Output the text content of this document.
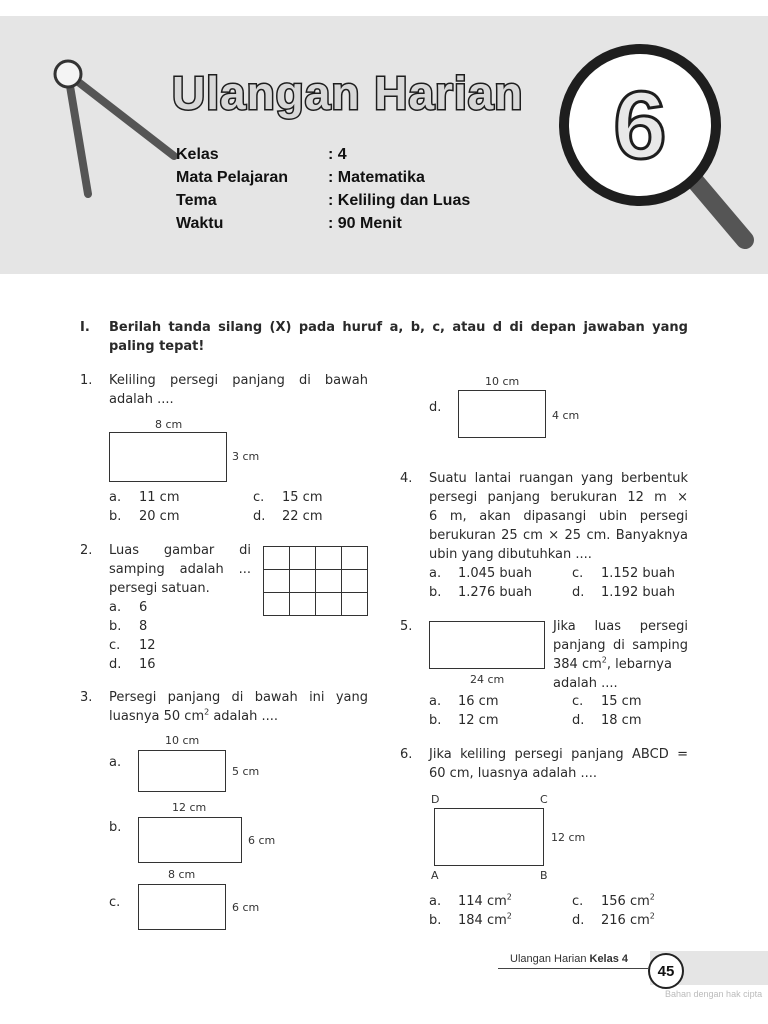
Ulangan Harian 6
Kelas	: 4
Mata Pelajaran : Matematika
Tema	: Keliling dan Luas
Waktu	: 90 Menit
I. Berilah tanda silang (X) pada huruf a, b, c, atau d di depan jawaban yang
paling tepat!
1. Keliling persegi panjang di bawah
adalah ....
8 cm
3 cm
a. 11 cm
b. 20 cm
c. 15 cm
d. 22 cm
2. Luas gambar di
samping adalah ...
persegi satuan.

a. 6
b. 8
c. 12
d. 16
3. Persegi panjang di bawah ini yang
luasnya 50 $cm^2$ adalah ....
a.
10 cm
5 cm
b.
12 cm
6 cm
c.
8 cm
6 cm
10 cm
d.
4 cm
4. Suatu lantai ruangan yang berbentuk
persegi panjang berukuran 12 m ×
6 m, akan dipasangi ubin persegi
berukuran 25 cm × 25 cm. Banyaknya
ubin yang dibutuhkan ....
a. 1.045 buah
b. 1.276 buah
c. 1.152 buah
d. 1.192 buah
5.
24 cm
Jika luas persegi
panjang di samping
384 $cm^2$, lebarnya
adalah ....
a. 16 cm
b. 12 cm
c. 15 cm
d. 18 cm
6. Jika keliling persegi panjang ABCD =
60 cm, luasnya adalah ....
D	C
12 cm
A	B
a. 114 $cm^2$
b. 184 $cm^2$
c. 156 $cm^2$
d. 216 $cm^2$
Ulangan Harian Kelas 4
45
Bahan dengan hak cipta
